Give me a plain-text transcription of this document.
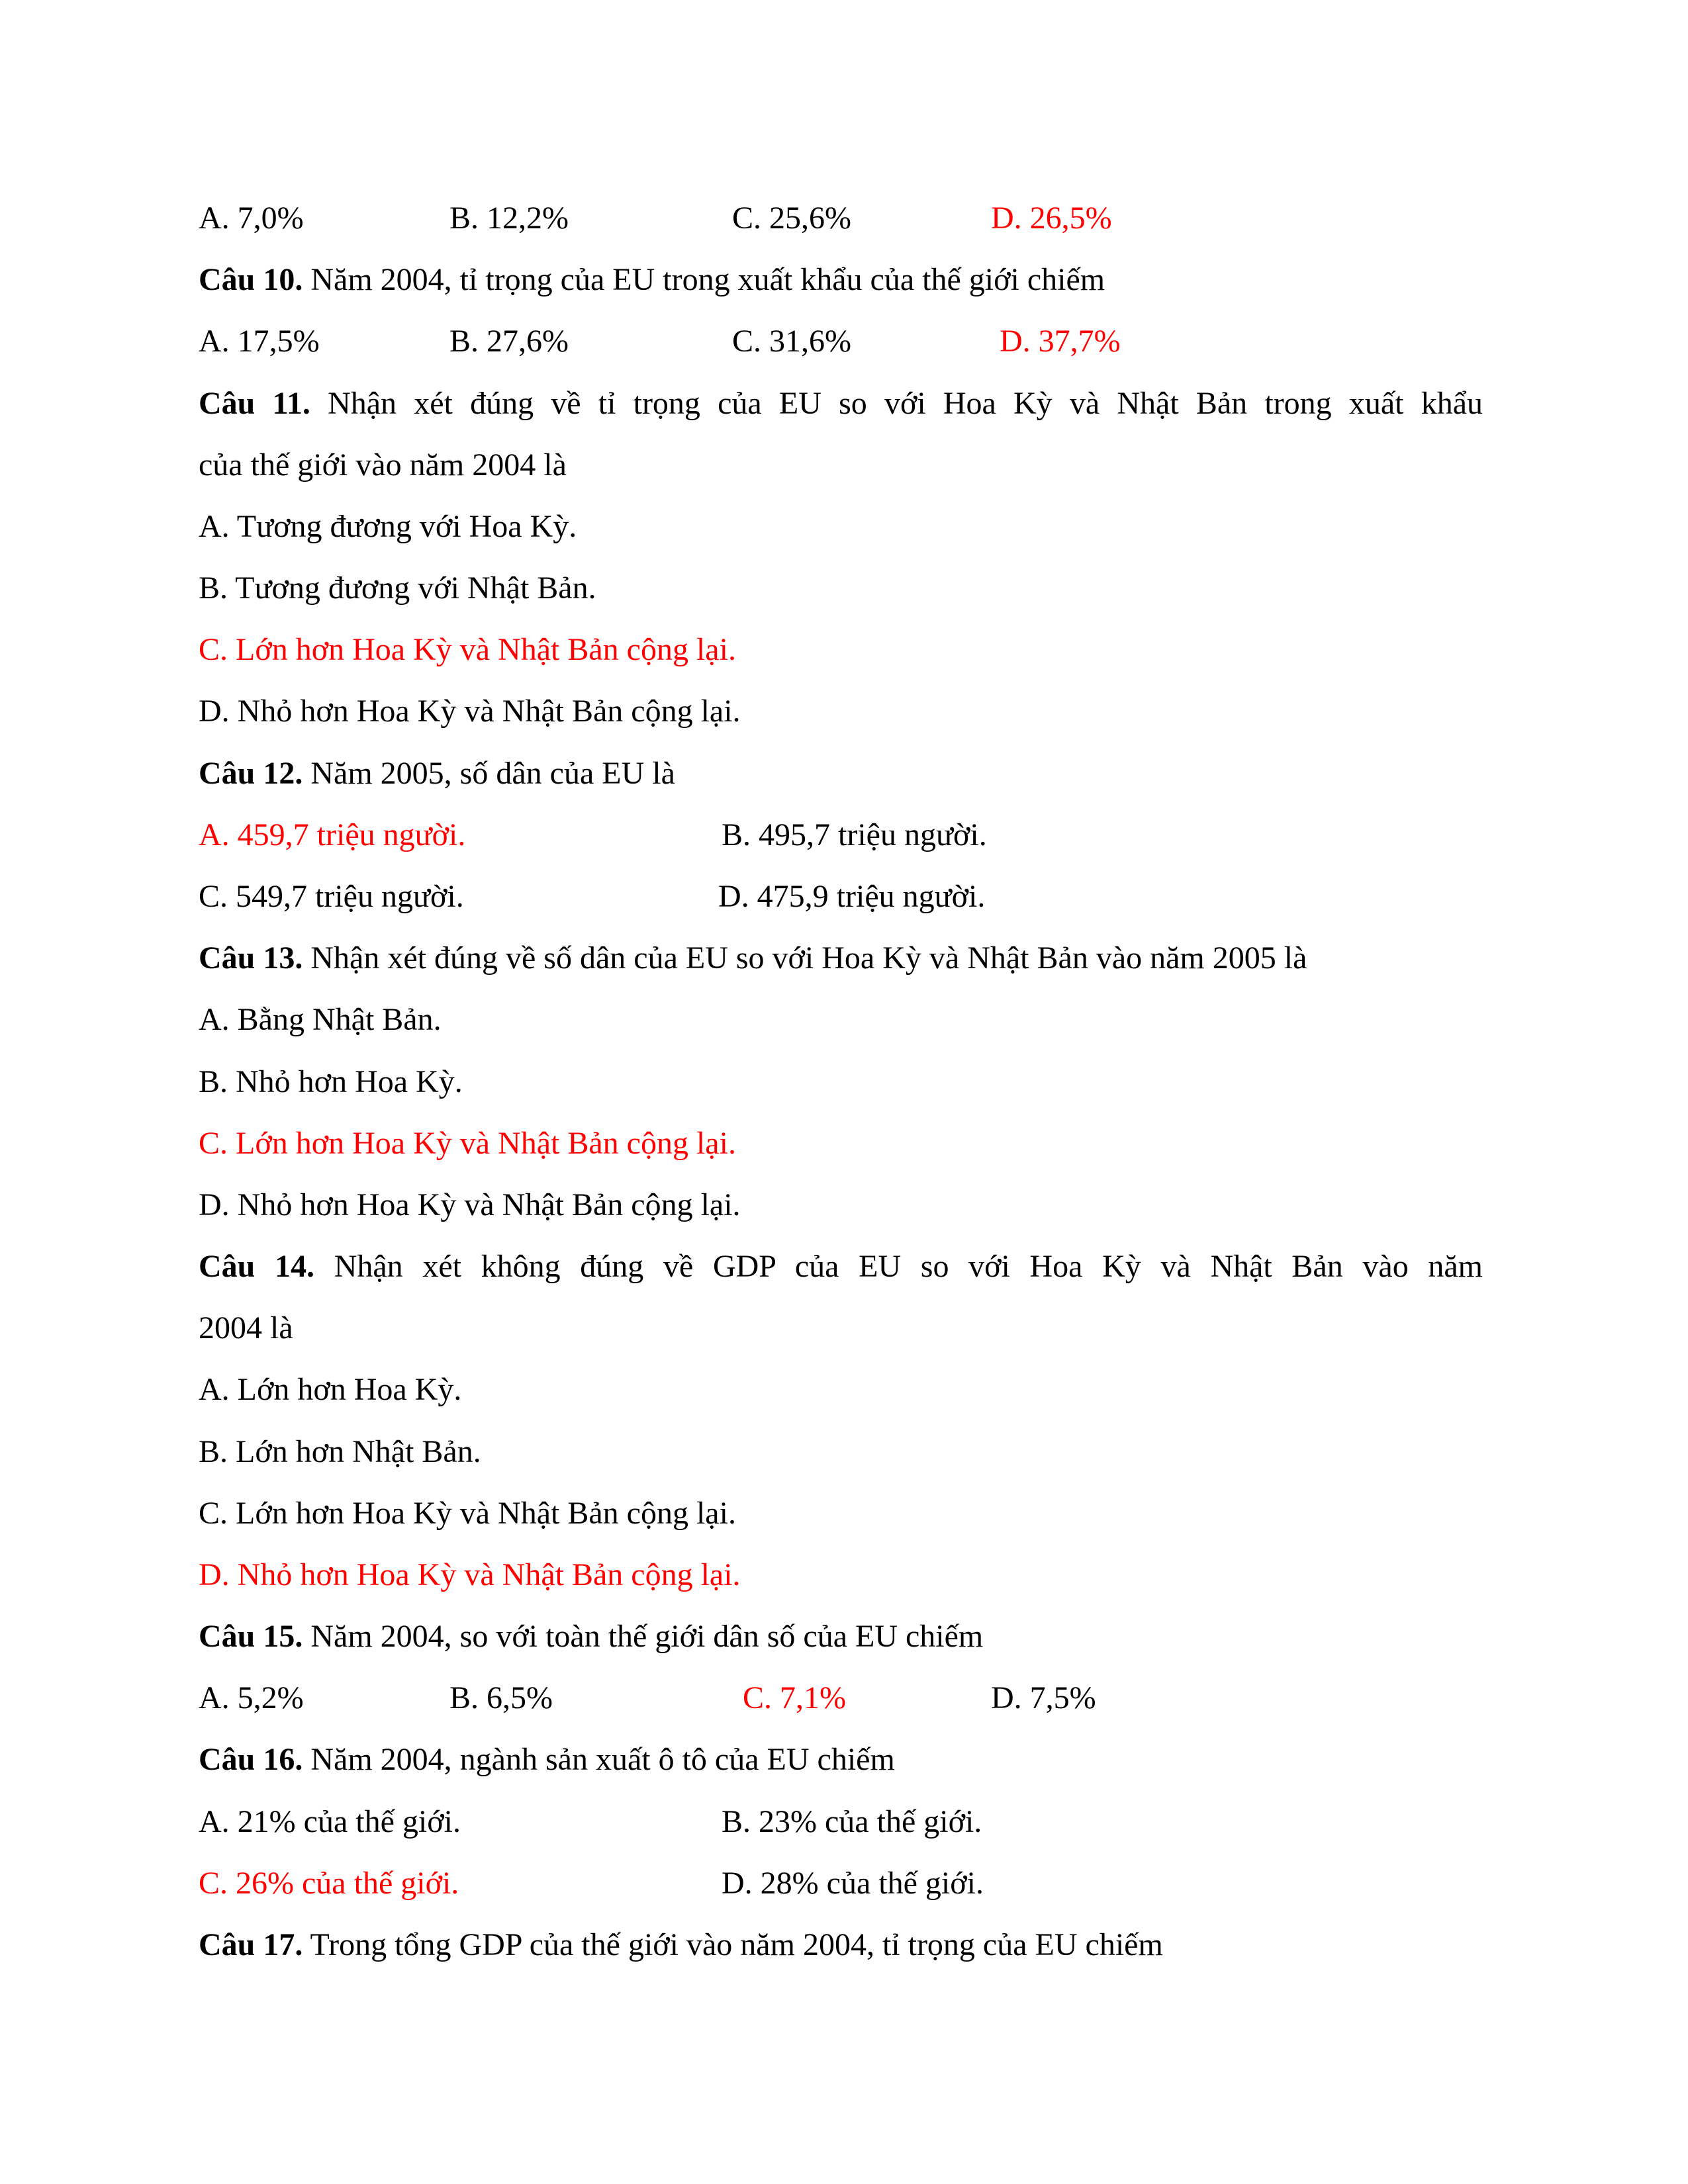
A. 7,0%	B. 12,2%	C. 25,6%	D. 26,5%
Câu 10. Năm 2004, tỉ trọng của EU trong xuất khẩu của thế giới chiếm
A. 17,5%	B. 27,6%	C. 31,6%	D. 37,7%
Câu 11. Nhận xét đúng về tỉ trọng của EU so với Hoa Kỳ và Nhật Bản trong xuất khẩu
của thế giới vào năm 2004 là
A. Tương đương với Hoa Kỳ.
B. Tương đương với Nhật Bản.
C. Lớn hơn Hoa Kỳ và Nhật Bản cộng lại.
D. Nhỏ hơn Hoa Kỳ và Nhật Bản cộng lại.
Câu 12. Năm 2005, số dân của EU là
A. 459,7 triệu người.	B. 495,7 triệu người.
C. 549,7 triệu người.	D. 475,9 triệu người.
Câu 13. Nhận xét đúng về số dân của EU so với Hoa Kỳ và Nhật Bản vào năm 2005 là
A. Bằng Nhật Bản.
B. Nhỏ hơn Hoa Kỳ.
C. Lớn hơn Hoa Kỳ và Nhật Bản cộng lại.
D. Nhỏ hơn Hoa Kỳ và Nhật Bản cộng lại.
Câu 14. Nhận xét không đúng về GDP của EU so với Hoa Kỳ và Nhật Bản vào năm
2004 là
A. Lớn hơn Hoa Kỳ.
B. Lớn hơn Nhật Bản.
C. Lớn hơn Hoa Kỳ và Nhật Bản cộng lại.
D. Nhỏ hơn Hoa Kỳ và Nhật Bản cộng lại.
Câu 15. Năm 2004, so với toàn thế giới dân số của EU chiếm
A. 5,2%	B. 6,5%	C. 7,1%	D. 7,5%
Câu 16. Năm 2004, ngành sản xuất ô tô của EU chiếm
A. 21% của thế giới.	B. 23% của thế giới.
C. 26% của thế giới.	D. 28% của thế giới.
Câu 17. Trong tổng GDP của thế giới vào năm 2004, tỉ trọng của EU chiếm
